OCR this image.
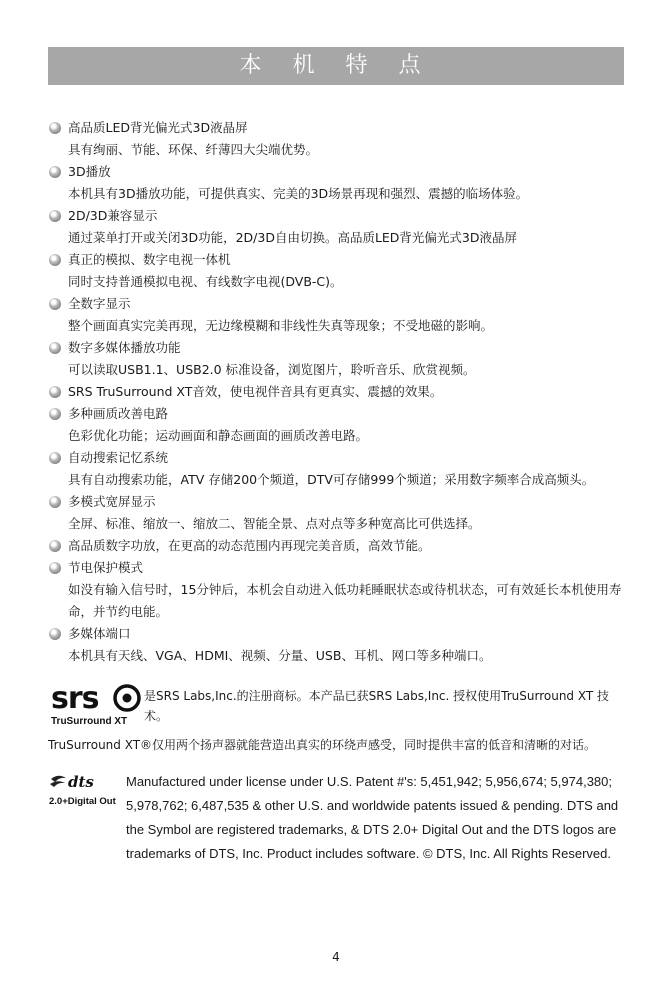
本 机 特 点
高品质LED背光偏光式3D液晶屏
具有绚丽、节能、环保、纤薄四大尖端优势。
3D播放
本机具有3D播放功能，可提供真实、完美的3D场景再现和强烈、震撼的临场体验。
2D/3D兼容显示
通过菜单打开或关闭3D功能，2D/3D自由切换。高品质LED背光偏光式3D液晶屏
真正的模拟、数字电视一体机
同时支持普通模拟电视、有线数字电视(DVB-C)。
全数字显示
整个画面真实完美再现，无边缘模糊和非线性失真等现象；不受地磁的影响。
数字多媒体播放功能
可以读取USB1.1、USB2.0 标准设备，浏览图片，聆听音乐、欣赏视频。
SRS TruSurround XT音效，使电视伴音具有更真实、震撼的效果。
多种画质改善电路
色彩优化功能；运动画面和静态画面的画质改善电路。
自动搜索记忆系统
具有自动搜索功能，ATV 存储200个频道，DTV可存储999个频道；采用数字频率合成高频头。
多模式宽屏显示
全屏、标准、缩放一、缩放二、智能全景、点对点等多种宽高比可供选择。
高品质数字功放，在更高的动态范围内再现完美音质，高效节能。
节电保护模式
如没有输入信号时，15分钟后，本机会自动进入低功耗睡眠状态或待机状态，可有效延长本机使用寿命，并节约电能。
多媒体端口
本机具有天线、VGA、HDMI、视频、分量、USB、耳机、网口等多种端口。
srs
TruSurround XT
是SRS Labs,Inc.的注册商标。本产品已获SRS Labs,Inc. 授权使用TruSurround XT 技术。
TruSurround XT®仅用两个扬声器就能营造出真实的环绕声感受，同时提供丰富的低音和清晰的对话。
dts
2.0+Digital Out
Manufactured under license under U.S. Patent #'s: 5,451,942; 5,956,674; 5,974,380; 5,978,762; 6,487,535 & other U.S. and worldwide patents issued & pending. DTS and the Symbol are registered trademarks, & DTS 2.0+ Digital Out and the DTS logos are trademarks of DTS, Inc. Product includes software. © DTS, Inc. All Rights Reserved.
4
